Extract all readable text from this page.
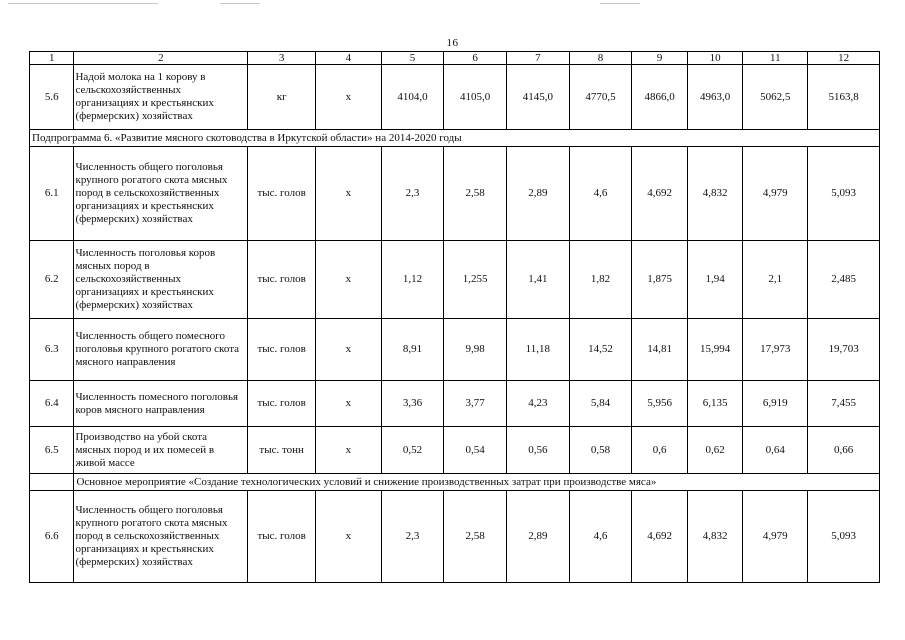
16
1	2	3	4	5	6	7	8	9	10	11	12
5.6	Надой молока на 1 корову в сельскохозяйственных организациях и крестьянских (фермерских) хозяйствах	кг	x	4104,0	4105,0	4145,0	4770,5	4866,0	4963,0	5062,5	5163,8
Подпрограмма 6. «Развитие мясного скотоводства в Иркутской области» на 2014-2020 годы											
6.1	Численность общего поголовья крупного рогатого скота мясных пород в сельскохозяйственных организациях и крестьянских (фермерских) хозяйствах	тыс. голов	x	2,3	2,58	2,89	4,6	4,692	4,832	4,979	5,093
6.2	Численность поголовья коров мясных пород в сельскохозяйственных организациях и крестьянских (фермерских) хозяйствах	тыс. голов	x	1,12	1,255	1,41	1,82	1,875	1,94	2,1	2,485
6.3	Численность общего помесного поголовья крупного рогатого скота мясного направления	тыс. голов	x	8,91	9,98	11,18	14,52	14,81	15,994	17,973	19,703
6.4	Численность помесного поголовья коров мясного направления	тыс. голов	x	3,36	3,77	4,23	5,84	5,956	6,135	6,919	7,455
6.5	Производство на убой скота мясных пород и их помесей в живой массе	тыс. тонн	x	0,52	0,54	0,56	0,58	0,6	0,62	0,64	0,66
	Основное мероприятие «Создание технологических условий и снижение производственных затрат при производстве мяса»										
6.6	Численность общего поголовья крупного рогатого скота мясных пород в сельскохозяйственных организациях и крестьянских (фермерских) хозяйствах	тыс. голов	x	2,3	2,58	2,89	4,6	4,692	4,832	4,979	5,093
